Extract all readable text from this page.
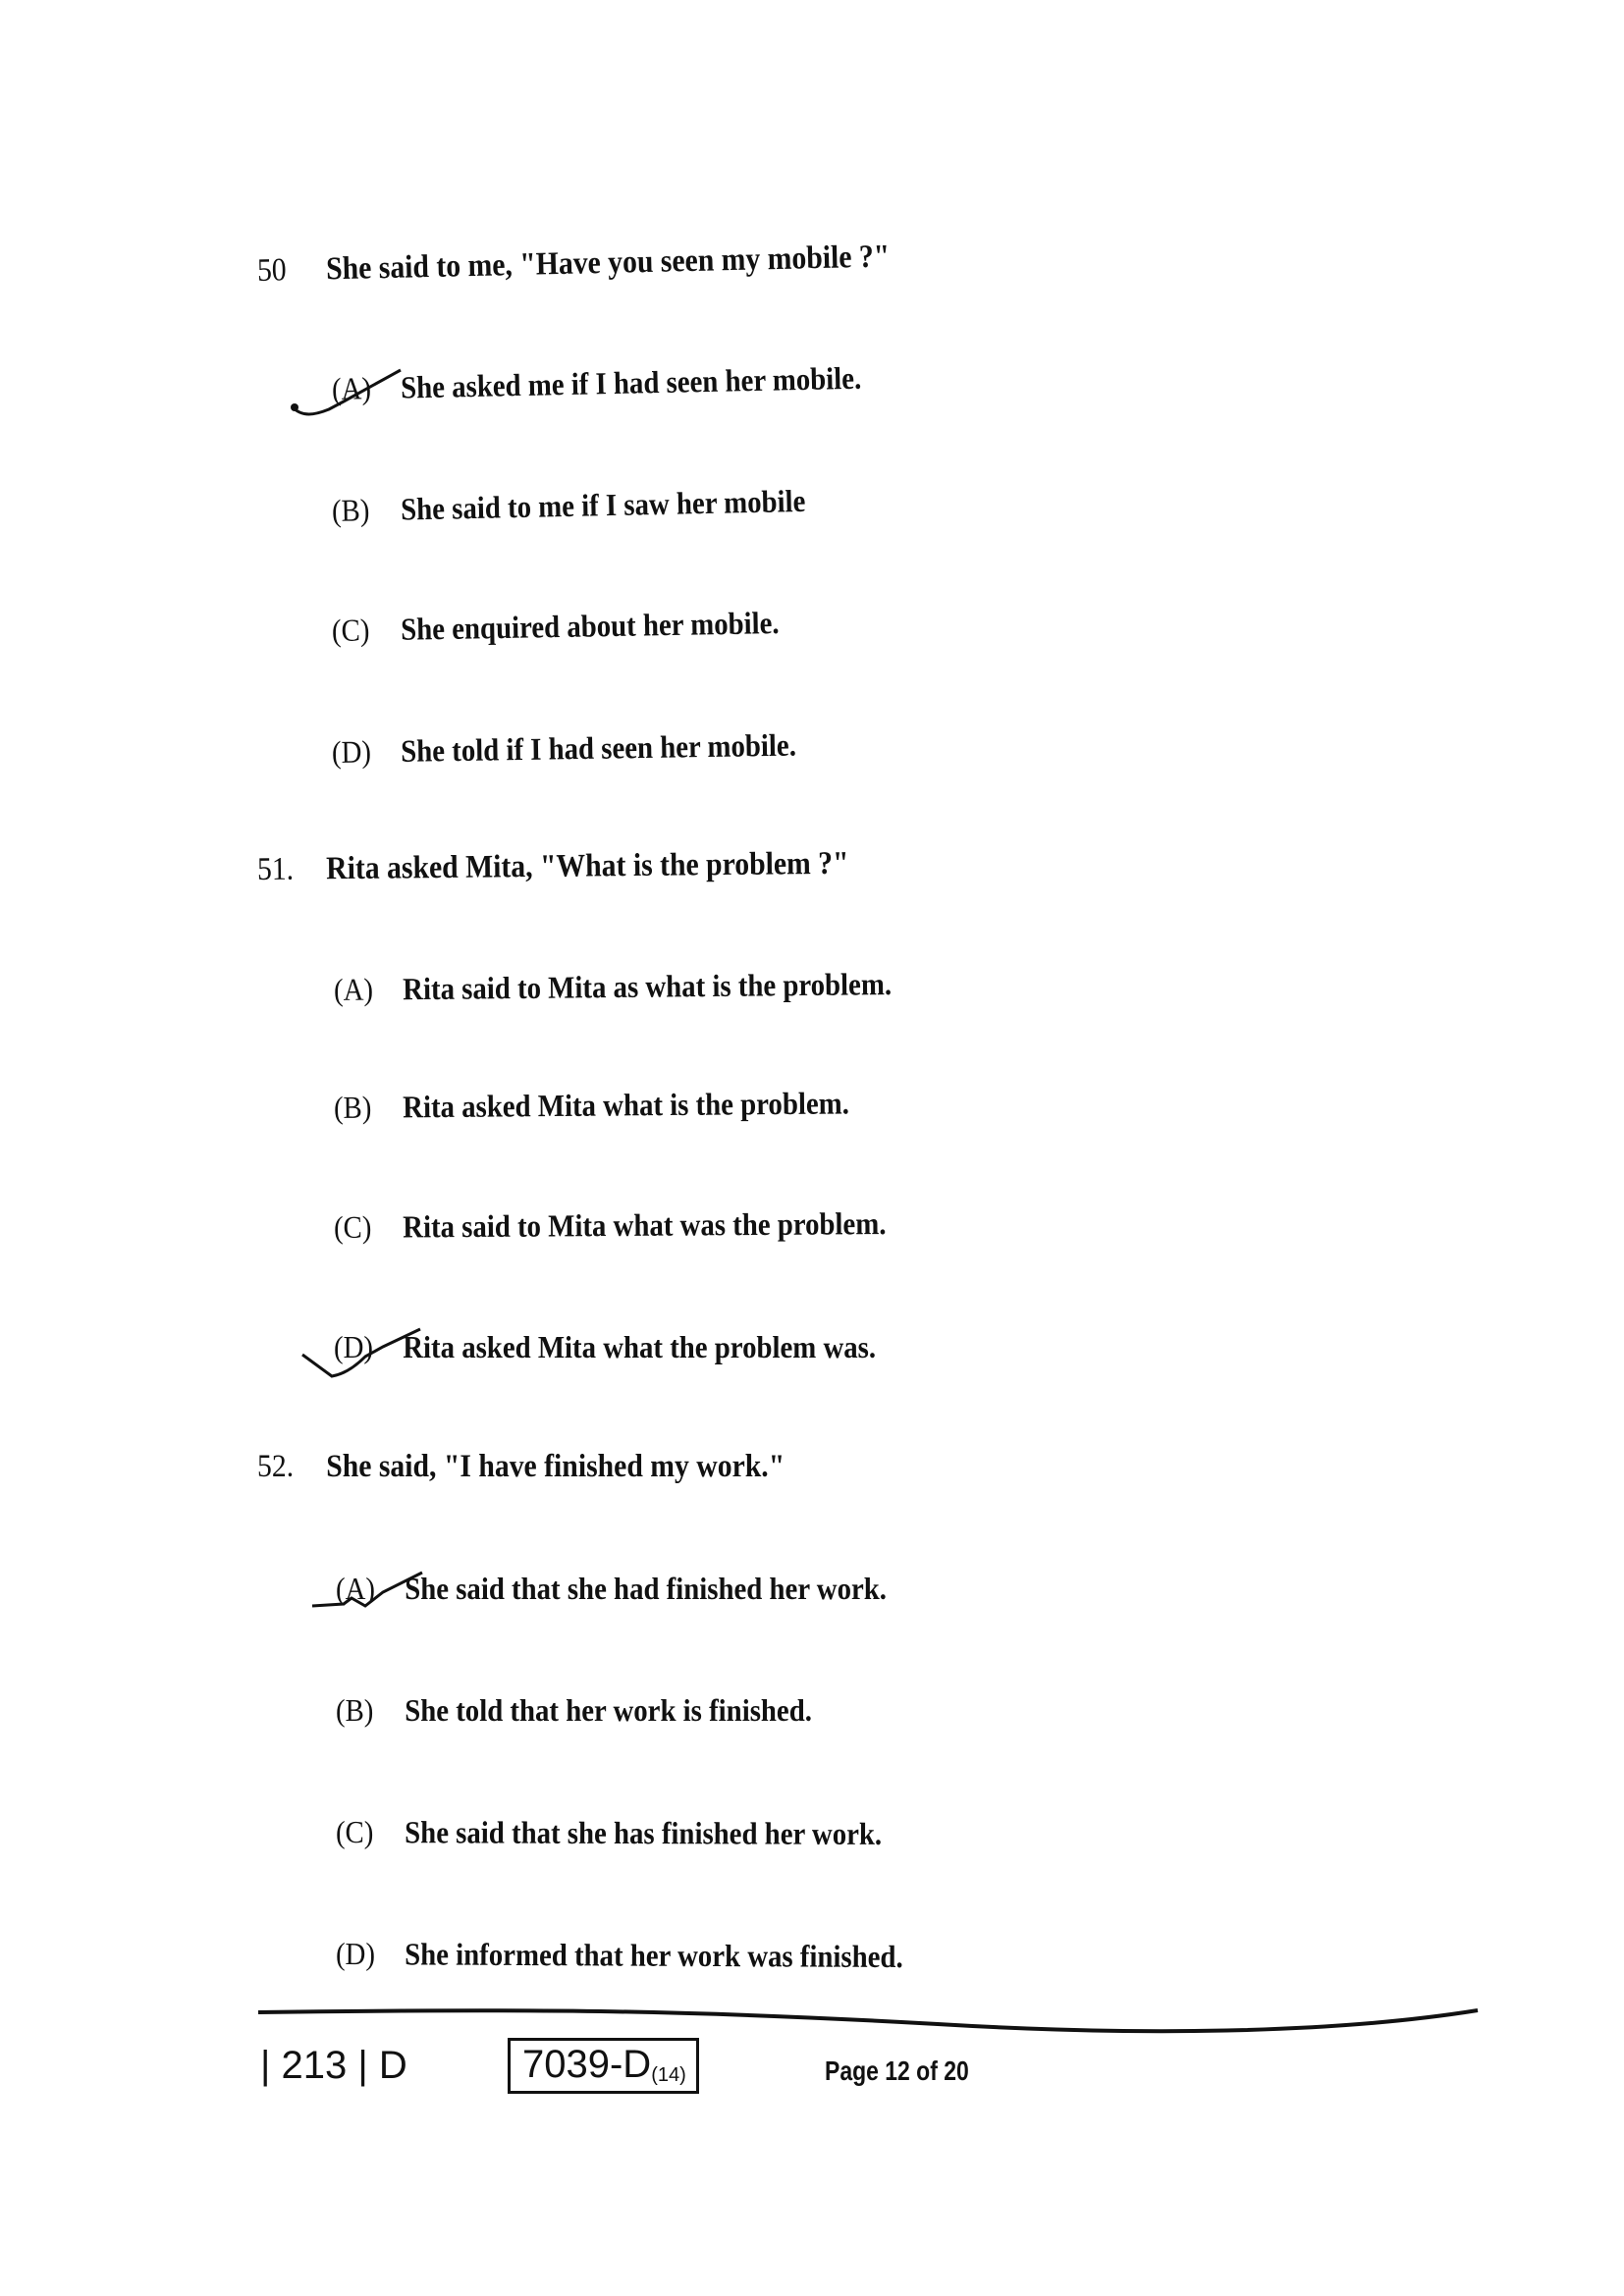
50 She said to me, "Have you seen my mobile ?"
(A) She asked me if I had seen her mobile.
(B) She said to me if I saw her mobile
(C) She enquired about her mobile.
(D) She told if I had seen her mobile.
51. Rita asked Mita, "What is the problem ?"
(A) Rita said to Mita as what is the problem.
(B) Rita asked Mita what is the problem.
(C) Rita said to Mita what was the problem.
(D) Rita asked Mita what the problem was.
52. She said, "I have finished my work."
(A) She said that she had finished her work.
(B) She told that her work is finished.
(C) She said that she has finished her work.
(D) She informed that her work was finished.
| 213 | D	$7039-D_{(14)}$	Page 12 of 20
